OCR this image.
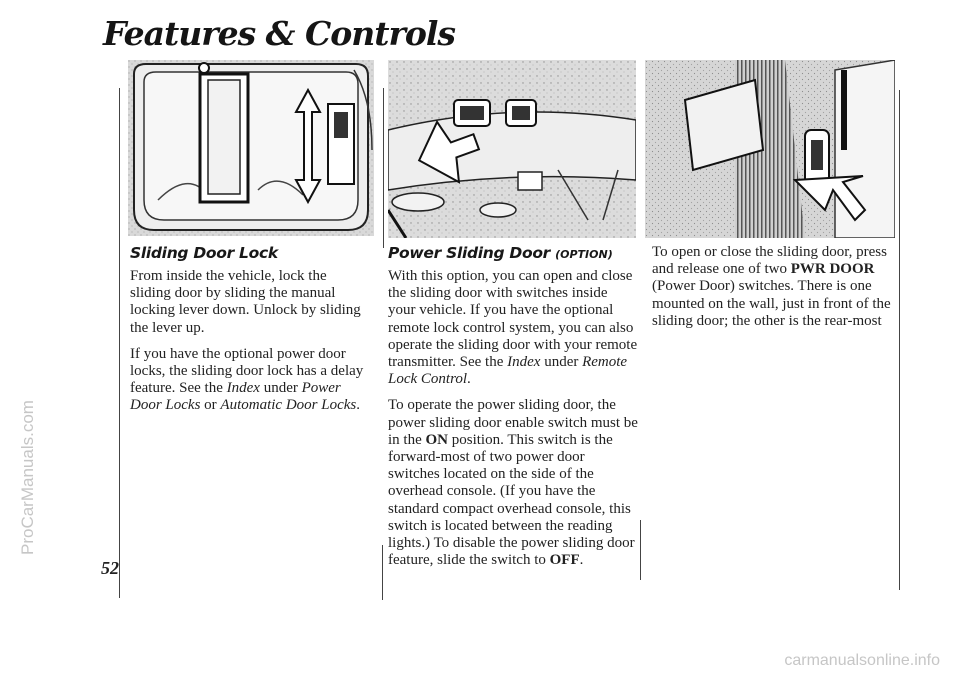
Features & Controls
ProCarManuals.com
carmanualsonline.info
52
Sliding Door Lock

From inside the vehicle, lock the sliding door by sliding the manual locking lever down. Unlock by sliding the lever up.

If you have the optional power door locks, the sliding door lock has a delay feature. See the Index under Power Door Locks or Automatic Door Locks.

Power Sliding Door (OPTION)

With this option, you can open and close the sliding door with switches inside your vehicle. If you have the optional remote lock control system, you can also operate the sliding door with your remote transmitter. See the Index under Remote Lock Control.

To operate the power sliding door, the power sliding door enable switch must be in the ON position. This switch is the forward-most of two power door switches located on the side of the overhead console. (If you have the standard compact overhead console, this switch is located between the reading lights.) To disable the power sliding door feature, slide the switch to OFF.

To open or close the sliding door, press and release one of two PWR DOOR (Power Door) switches. There is one mounted on the wall, just in front of the sliding door; the other is the rear-most
